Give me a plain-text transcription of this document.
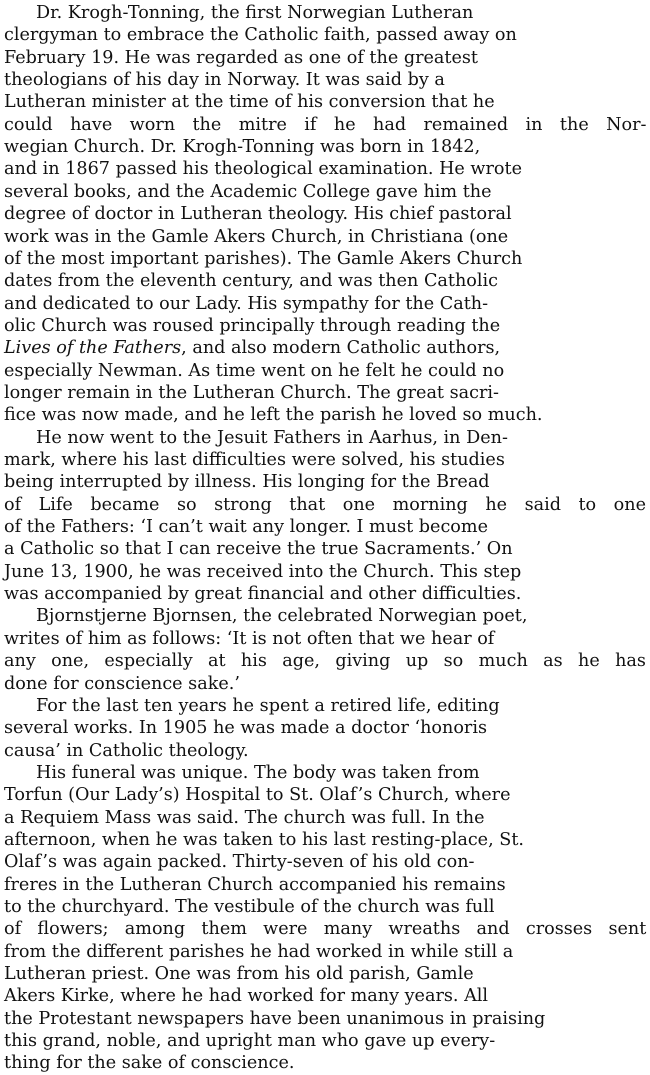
Dr. Krogh-Tonning, the first Norwegian Lutheran
clergyman to embrace the Catholic faith, passed away on
February 19. He was regarded as one of the greatest
theologians of his day in Norway. It was said by a
Lutheran minister at the time of his conversion that he
could have worn the mitre if he had remained in the Nor-
wegian Church. Dr. Krogh-Tonning was born in 1842,
and in 1867 passed his theological examination. He wrote
several books, and the Academic College gave him the
degree of doctor in Lutheran theology. His chief pastoral
work was in the Gamle Akers Church, in Christiana (one
of the most important parishes). The Gamle Akers Church
dates from the eleventh century, and was then Catholic
and dedicated to our Lady. His sympathy for the Cath-
olic Church was roused principally through reading the
Lives of the Fathers, and also modern Catholic authors,
especially Newman. As time went on he felt he could no
longer remain in the Lutheran Church. The great sacri-
fice was now made, and he left the parish he loved so much.
He now went to the Jesuit Fathers in Aarhus, in Den-
mark, where his last difficulties were solved, his studies
being interrupted by illness. His longing for the Bread
of Life became so strong that one morning he said to one
of the Fathers: ‘I can’t wait any longer. I must become
a Catholic so that I can receive the true Sacraments.’ On
June 13, 1900, he was received into the Church. This step
was accompanied by great financial and other difficulties.
Bjornstjerne Bjornsen, the celebrated Norwegian poet,
writes of him as follows: ‘It is not often that we hear of
any one, especially at his age, giving up so much as he has
done for conscience sake.’
For the last ten years he spent a retired life, editing
several works. In 1905 he was made a doctor ‘honoris
causa’ in Catholic theology.
His funeral was unique. The body was taken from
Torfun (Our Lady’s) Hospital to St. Olaf’s Church, where
a Requiem Mass was said. The church was full. In the
afternoon, when he was taken to his last resting-place, St.
Olaf’s was again packed. Thirty-seven of his old con-
freres in the Lutheran Church accompanied his remains
to the churchyard. The vestibule of the church was full
of flowers; among them were many wreaths and crosses sent
from the different parishes he had worked in while still a
Lutheran priest. One was from his old parish, Gamle
Akers Kirke, where he had worked for many years. All
the Protestant newspapers have been unanimous in praising
this grand, noble, and upright man who gave up every-
thing for the sake of conscience.
